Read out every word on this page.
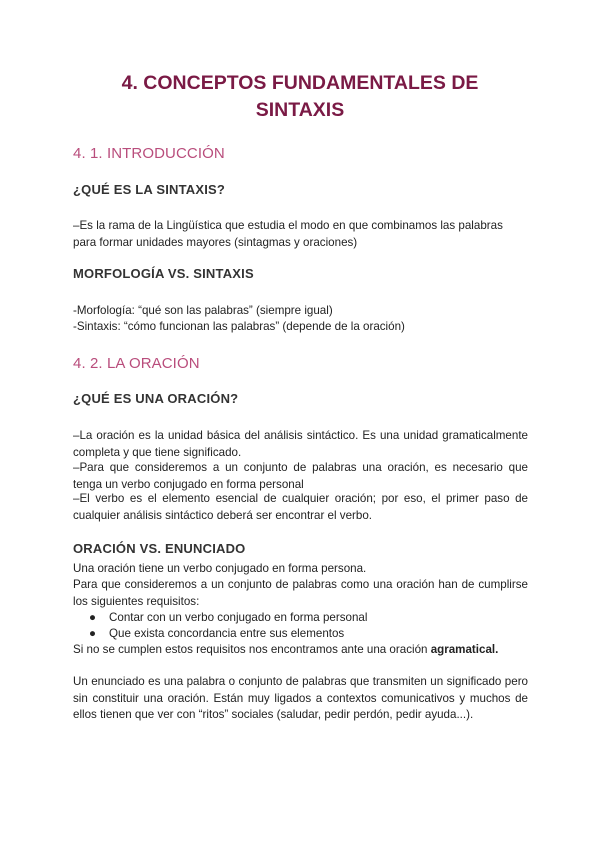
4. CONCEPTOS FUNDAMENTALES DE
SINTAXIS
4. 1. INTRODUCCIÓN
¿QUÉ ES LA SINTAXIS?

–Es la rama de la Lingüística que estudia el modo en que combinamos las palabras para formar unidades mayores (sintagmas y oraciones)

MORFOLOGÍA VS. SINTAXIS

-Morfología: “qué son las palabras” (siempre igual)

-Sintaxis: “cómo funcionan las palabras” (depende de la oración)

4. 2. LA ORACIÓN
¿QUÉ ES UNA ORACIÓN?

–La oración es la unidad básica del análisis sintáctico. Es una unidad gramaticalmente completa y que tiene significado.

–Para que consideremos a un conjunto de palabras una oración, es necesario que tenga un verbo conjugado en forma personal

–El verbo es el elemento esencial de cualquier oración; por eso, el primer paso de cualquier análisis sintáctico deberá ser encontrar el verbo.

ORACIÓN VS. ENUNCIADO

Una oración tiene un verbo conjugado en forma persona.

Para que consideremos a un conjunto de palabras como una oración han de cumplirse los siguientes requisitos:

● Contar con un verbo conjugado en forma personal

● Que exista concordancia entre sus elementos

Si no se cumplen estos requisitos nos encontramos ante una oración agramatical.

Un enunciado es una palabra o conjunto de palabras que transmiten un significado pero sin constituir una oración. Están muy ligados a contextos comunicativos y muchos de ellos tienen que ver con “ritos” sociales (saludar, pedir perdón, pedir ayuda...).
